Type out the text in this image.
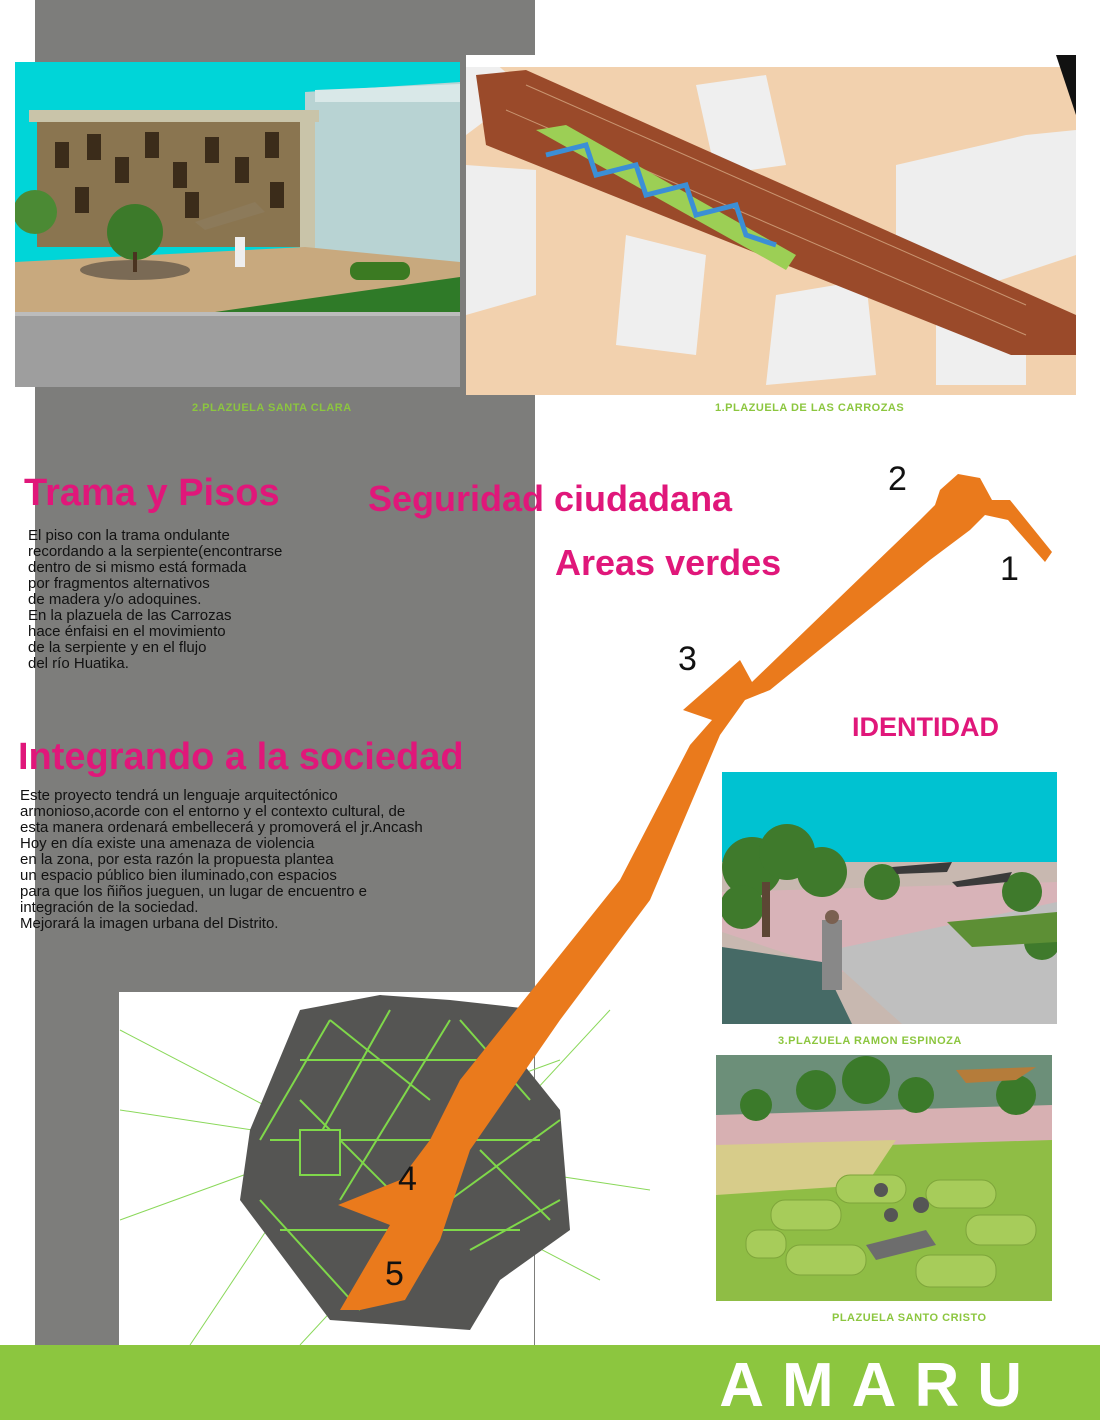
2.PLAZUELA SANTA CLARA	1.PLAZUELA DE LAS CARROZAS
2
1
3
4
5
Trama y Pisos Seguridad ciudadana
Areas verdes
IDENTIDAD
Integrando a la sociedad
El piso con la trama ondulante
recordando a la serpiente(encontrarse
dentro de si mismo está formada
por fragmentos alternativos
de madera y/o adoquines.
En la plazuela de las Carrozas
hace énfaisi en el movimiento
de la serpiente y en el flujo
del río Huatika.
Este proyecto tendrá un lenguaje arquitectónico
armonioso,acorde con el entorno y el contexto cultural, de
esta manera ordenará embellecerá y promoverá el jr.Ancash
Hoy en día existe una amenaza de violencia
en la zona, por esta razón la propuesta plantea
un espacio público bien iluminado,con espacios
para que los ñiños jueguen, un lugar de encuentro e
integración de la sociedad.
Mejorará la imagen urbana del Distrito.
3.PLAZUELA RAMON ESPINOZA
PLAZUELA SANTO CRISTO
AMARU
